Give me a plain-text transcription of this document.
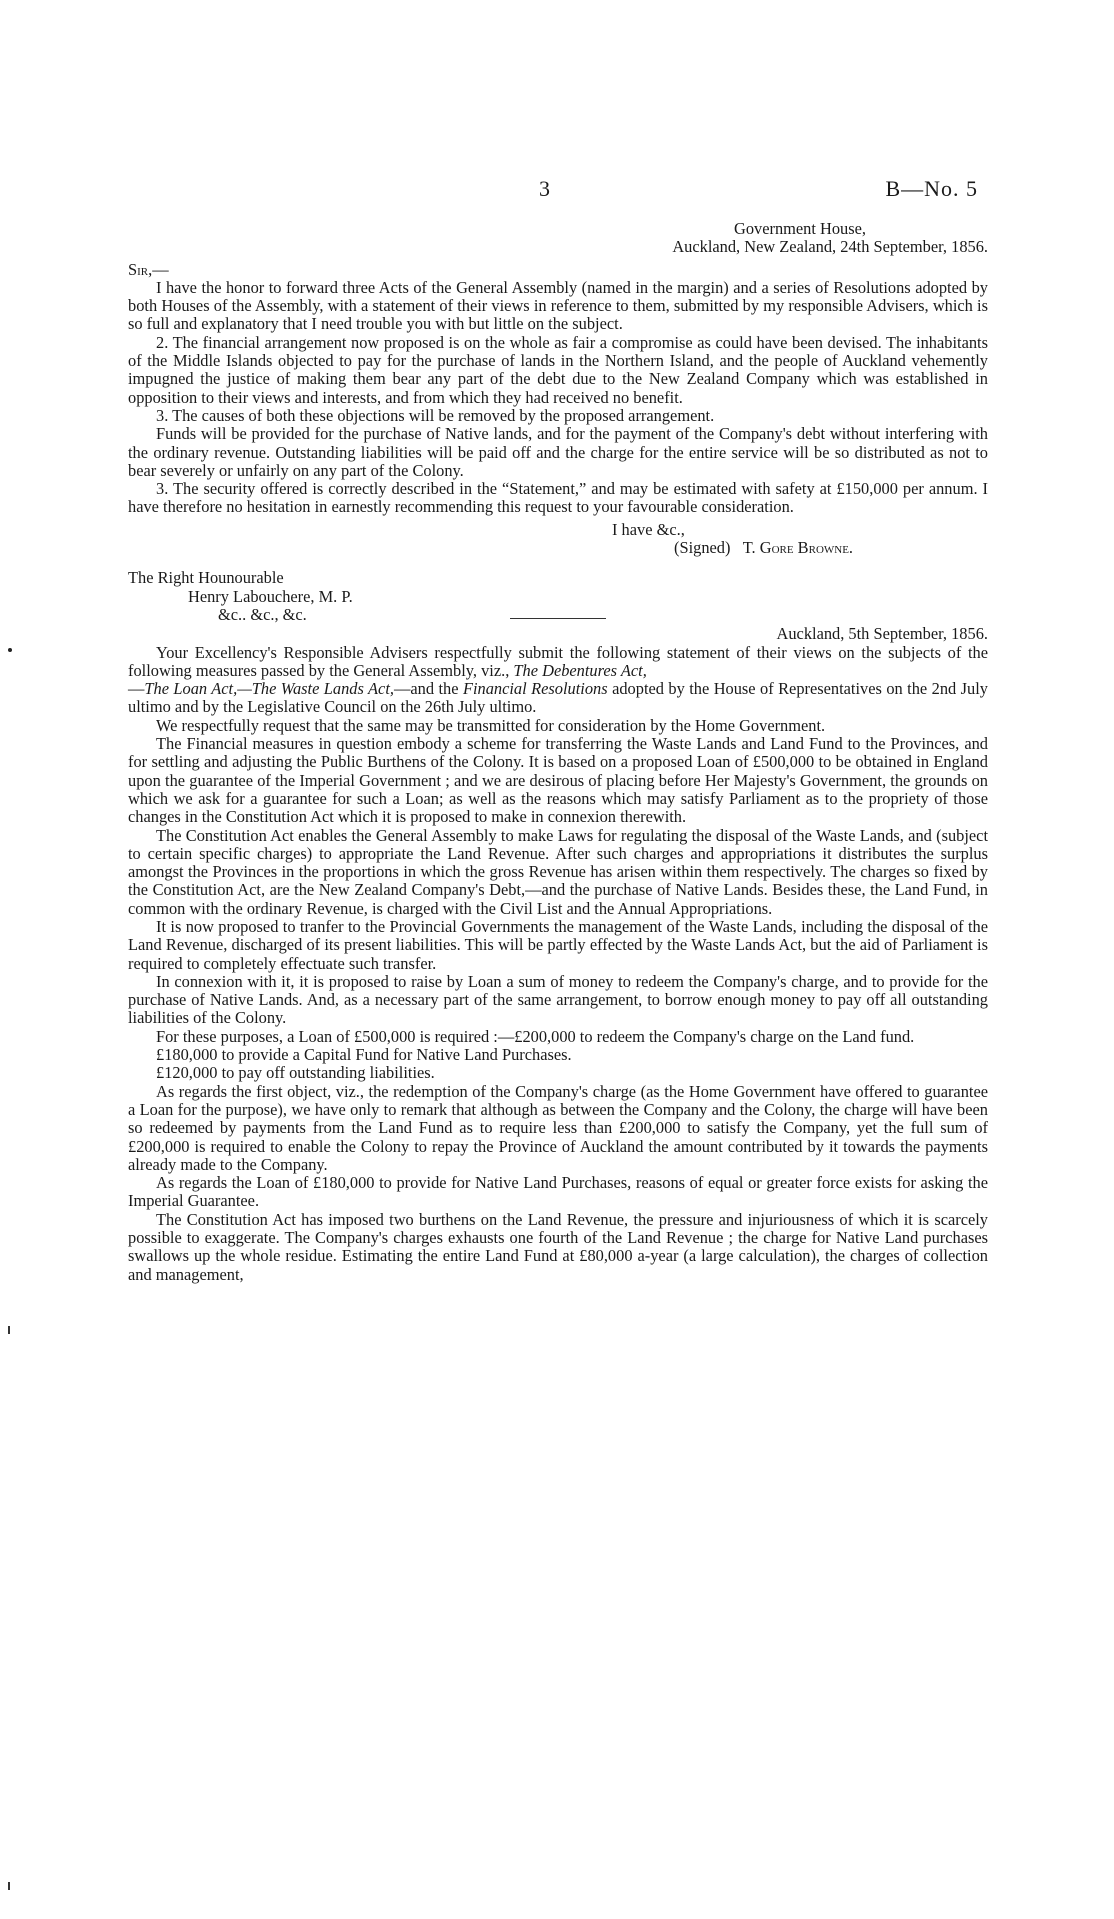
3	B—No. 5

Government House,

Auckland, New Zealand, 24th September, 1856.

Sir,—

I have the honor to forward three Acts of the General Assembly (named in the margin) and a series of Resolutions adopted by both Houses of the Assembly, with a statement of their views in reference to them, submitted by my responsible Advisers, which is so full and explanatory that I need trouble you with but little on the subject.

2. The financial arrangement now proposed is on the whole as fair a compromise as could have been devised. The inhabitants of the Middle Islands objected to pay for the purchase of lands in the Northern Island, and the people of Auckland vehemently impugned the justice of making them bear any part of the debt due to the New Zealand Company which was established in opposition to their views and interests, and from which they had received no benefit.

3. The causes of both these objections will be removed by the proposed arrangement.

Funds will be provided for the purchase of Native lands, and for the payment of the Company's debt without interfering with the ordinary revenue. Outstanding liabilities will be paid off and the charge for the entire service will be so distributed as not to bear severely or unfairly on any part of the Colony.

3. The security offered is correctly described in the “Statement,” and may be estimated with safety at £150,000 per annum. I have therefore no hesitation in earnestly recommending this request to your favourable consideration.

I have &c.,

(Signed) T. Gore Browne.

The Right Hounourable

Henry Labouchere, M. P.

&c.. &c., &c.

Auckland, 5th September, 1856.

Your Excellency's Responsible Advisers respectfully submit the following statement of their views on the subjects of the following measures passed by the General Assembly, viz., The Debentures Act,
—The Loan Act,—The Waste Lands Act,—and the Financial Resolutions adopted by the House of Representatives on the 2nd July ultimo and by the Legislative Council on the 26th July ultimo.

We respectfully request that the same may be transmitted for consideration by the Home Government.

The Financial measures in question embody a scheme for transferring the Waste Lands and Land Fund to the Provinces, and for settling and adjusting the Public Burthens of the Colony. It is based on a proposed Loan of £500,000 to be obtained in England upon the guarantee of the Imperial Government ; and we are desirous of placing before Her Majesty's Government, the grounds on which we ask for a guarantee for such a Loan; as well as the reasons which may satisfy Parliament as to the propriety of those changes in the Constitution Act which it is proposed to make in connexion therewith.

The Constitution Act enables the General Assembly to make Laws for regulating the disposal of the Waste Lands, and (subject to certain specific charges) to appropriate the Land Revenue. After such charges and appropriations it distributes the surplus amongst the Provinces in the proportions in which the gross Revenue has arisen within them respectively. The charges so fixed by the Constitution Act, are the New Zealand Company's Debt,—and the purchase of Native Lands. Besides these, the Land Fund, in common with the ordinary Revenue, is charged with the Civil List and the Annual Appropriations.

It is now proposed to tranfer to the Provincial Governments the management of the Waste Lands, including the disposal of the Land Revenue, discharged of its present liabilities. This will be partly effected by the Waste Lands Act, but the aid of Parliament is required to completely effectuate such transfer.

In connexion with it, it is proposed to raise by Loan a sum of money to redeem the Company's charge, and to provide for the purchase of Native Lands. And, as a necessary part of the same arrangement, to borrow enough money to pay off all outstanding liabilities of the Colony.

For these purposes, a Loan of £500,000 is required :—£200,000 to redeem the Company's charge on the Land fund.

£180,000 to provide a Capital Fund for Native Land Purchases.

£120,000 to pay off outstanding liabilities.

As regards the first object, viz., the redemption of the Company's charge (as the Home Government have offered to guarantee a Loan for the purpose), we have only to remark that although as between the Company and the Colony, the charge will have been so redeemed by payments from the Land Fund as to require less than £200,000 to satisfy the Company, yet the full sum of £200,000 is required to enable the Colony to repay the Province of Auckland the amount contributed by it towards the payments already made to the Company.

As regards the Loan of £180,000 to provide for Native Land Purchases, reasons of equal or greater force exists for asking the Imperial Guarantee.

The Constitution Act has imposed two burthens on the Land Revenue, the pressure and injuriousness of which it is scarcely possible to exaggerate. The Company's charges exhausts one fourth of the Land Revenue ; the charge for Native Land purchases swallows up the whole residue. Estimating the entire Land Fund at £80,000 a-year (a large calculation), the charges of collection and management,
